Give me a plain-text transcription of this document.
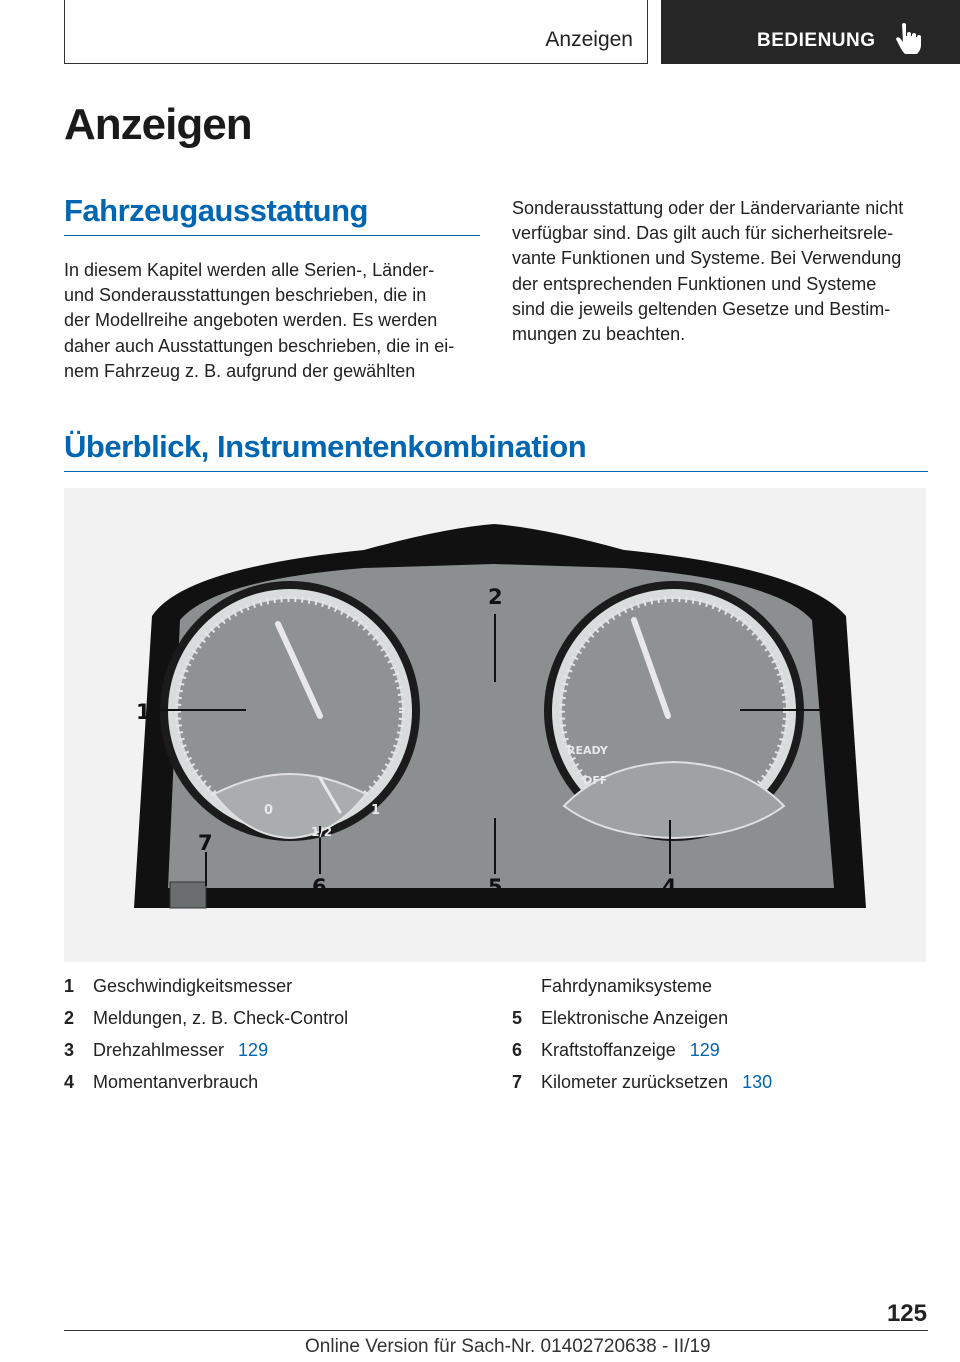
Anzeigen	BEDIENUNG
Anzeigen
Fahrzeugausstattung

In diesem Kapitel werden alle Serien-, Länder-
und Sonderausstattungen beschrieben, die in
der Modellreihe angeboten werden. Es werden
daher auch Ausstattungen beschrieben, die in ei‐
nem Fahrzeug z. B. aufgrund der gewählten

Sonderausstattung oder der Ländervariante nicht
verfügbar sind. Das gilt auch für sicherheitsrele‐
vante Funktionen und Systeme. Bei Verwendung
der entsprechenden Funktionen und Systeme
sind die jeweils geltenden Gesetze und Bestim‐
mungen zu beachten.

Überblick, Instrumentenkombination
0
1/2
1
READY
OFF
1
2
3
4
5
6
7
1 Geschwindigkeitsmesser
2 Meldungen, z. B. Check-Control
3 Drehzahlmesser 129
4 Momentanverbrauch
Fahrdynamiksysteme
5 Elektronische Anzeigen
6 Kraftstoffanzeige 129
7 Kilometer zurücksetzen 130
125
Online Version für Sach-Nr. 01402720638 - II/19
